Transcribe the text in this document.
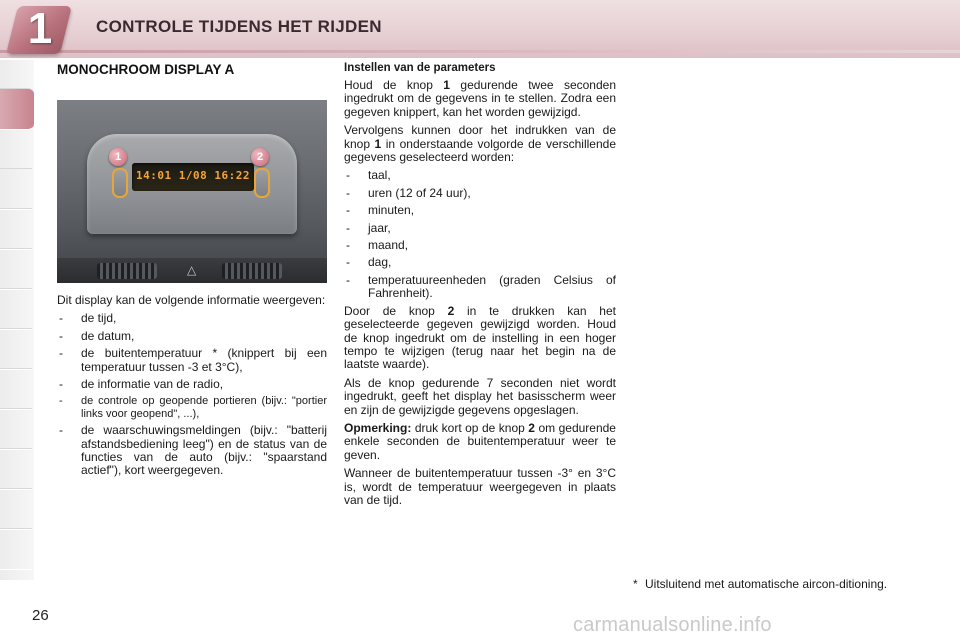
1	CONTROLE TIJDENS HET RIJDEN
MONOCHROOM DISPLAY A
1	2
14:01 1/08 16:22
△

Dit display kan de volgende informatie weergeven:

- de tijd,
- de datum,
- de buitentemperatuur * (knippert bij een temperatuur tussen -3 et 3°C),
- de informatie van de radio,
- de controle op geopende portieren (bijv.: "portier links voor geopend", ...),
- de waarschuwingsmeldingen (bijv.: "batterij afstandsbediening leeg") en de status van de functies van de auto (bijv.: "spaarstand actief"), kort weergegeven.
Instellen van de parameters

Houd de knop 1 gedurende twee seconden ingedrukt om de gegevens in te stellen. Zodra een gegeven knippert, kan het worden gewijzigd.

Vervolgens kunnen door het indrukken van de knop 1 in onderstaande volgorde de verschillende gegevens geselecteerd worden:

- taal,
- uren (12 of 24 uur),
- minuten,
- jaar,
- maand,
- dag,
- temperatuureenheden (graden Celsius of Fahrenheit).

Door de knop 2 in te drukken kan het geselecteerde gegeven gewijzigd worden. Houd de knop ingedrukt om de instelling in een hoger tempo te wijzigen (terug naar het begin na de laatste waarde).

Als de knop gedurende 7 seconden niet wordt ingedrukt, geeft het display het basisscherm weer en zijn de gewijzigde gegevens opgeslagen.

Opmerking: druk kort op de knop 2 om gedurende enkele seconden de buitentemperatuur weer te geven.

Wanneer de buitentemperatuur tussen -3° en 3°C is, wordt de temperatuur weergegeven in plaats van de tijd.

* Uitsluitend met automatische aircon-ditioning.
26	carmanualsonline.info
